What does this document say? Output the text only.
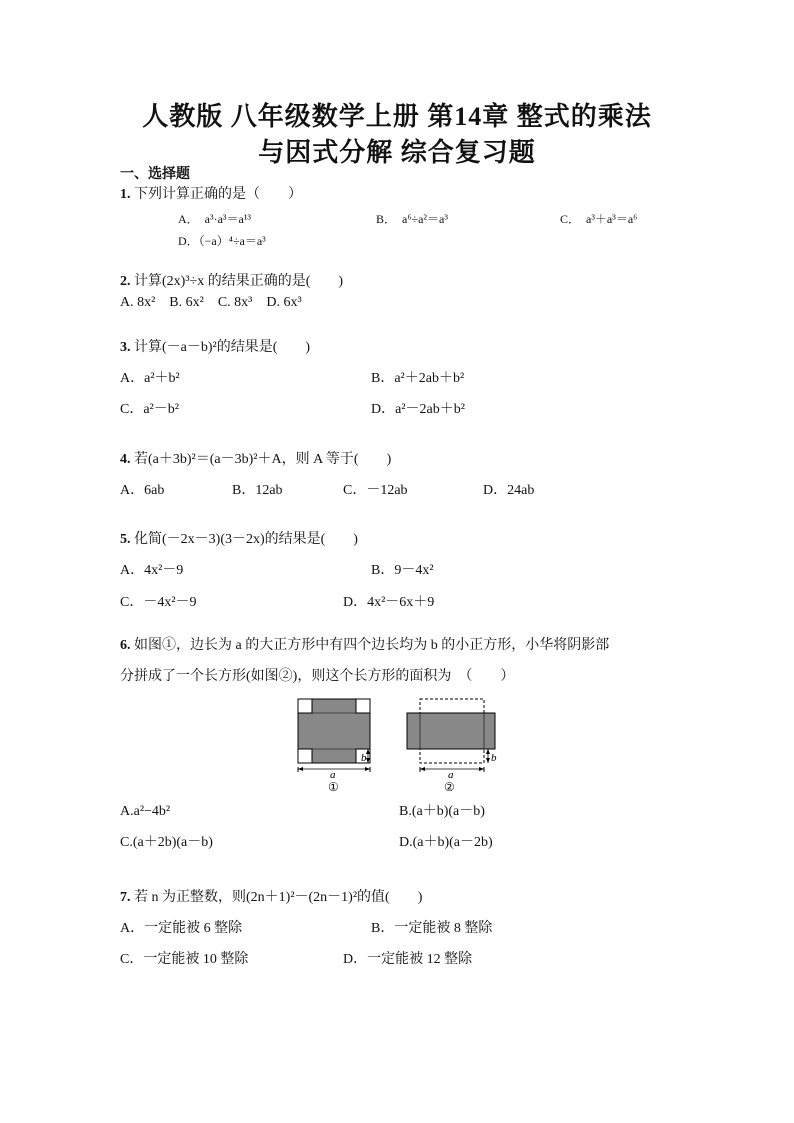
人教版 八年级数学上册 第14章 整式的乘法
与因式分解 综合复习题
一、选择题
1. 下列计算正确的是（　　）
A．　a³·a³＝a¹³	B．　a⁶÷a²＝a³	C．　a³＋a³＝a⁶
D．（−a）⁴÷a＝a³
2. 计算(2x)³÷x 的结果正确的是(　　)
A. 8x²　B. 6x²　C. 8x³　D. 6x³
3. 计算(－a－b)²的结果是(　　)
A．a²＋b²	B．a²＋2ab＋b²
C．a²－b²	D．a²－2ab＋b²
4. 若(a＋3b)²＝(a－3b)²＋A，则 A 等于(　　)
A．6ab	B．12ab	C．－12ab	D．24ab
5. 化简(－2x－3)(3－2x)的结果是(　　)
A．4x²－9	B．9－4x²
C．－4x²－9	D．4x²－6x＋9
6. 如图①，边长为 a 的大正方形中有四个边长均为 b 的小正方形，小华将阴影部
分拼成了一个长方形(如图②)，则这个长方形的面积为　（　　）
a
b
①
a
b
②
A.a²−4b²	B.(a＋b)(a－b)
C.(a＋2b)(a－b)	D.(a＋b)(a－2b)
7. 若 n 为正整数，则(2n＋1)²－(2n－1)²的值(　　)
A．一定能被 6 整除	B．一定能被 8 整除
C．一定能被 10 整除	D．一定能被 12 整除
